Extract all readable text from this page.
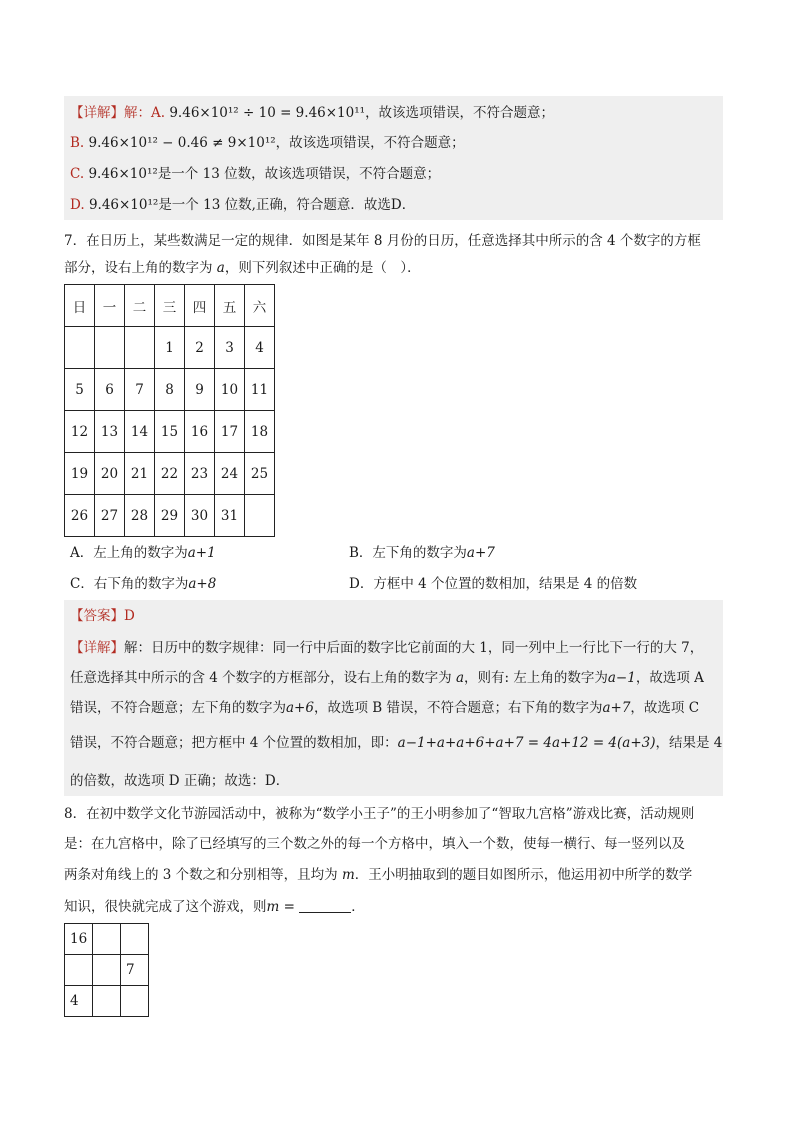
【详解】解：A. 9.46×10¹² ÷ 10 = 9.46×10¹¹，故该选项错误，不符合题意；
B. 9.46×10¹² − 0.46 ≠ 9×10¹²，故该选项错误，不符合题意；
C. 9.46×10¹²是一个 13 位数，故该选项错误，不符合题意；
D. 9.46×10¹²是一个 13 位数,正确，符合题意．故选D．
7．在日历上，某些数满足一定的规律．如图是某年 8 月份的日历，任意选择其中所示的含 4 个数字的方框
部分，设右上角的数字为 a，则下列叙述中正确的是（　）．
日	一	二	三	四	五	六
			1	2	3	4
5	6	7	8	9	10	11
12	13	14	15	16	17	18
19	20	21	22	23	24	25
26	27	28	29	30	31	
A．左上角的数字为a+1	B．左下角的数字为a+7
C．右下角的数字为a+8	D．方框中 4 个位置的数相加，结果是 4 的倍数
【答案】D
【详解】解：日历中的数字规律：同一行中后面的数字比它前面的大 1，同一列中上一行比下一行的大 7，
任意选择其中所示的含 4 个数字的方框部分，设右上角的数字为 a，则有: 左上角的数字为a−1，故选项 A
错误，不符合题意；左下角的数字为a+6，故选项 B 错误，不符合题意；右下角的数字为a+7，故选项 C
错误，不符合题意；把方框中 4 个位置的数相加，即：a−1+a+a+6+a+7 = 4a+12 = 4(a+3)，结果是 4
的倍数，故选项 D 正确；故选：D．
8．在初中数学文化节游园活动中，被称为“数学小王子”的王小明参加了“智取九宫格”游戏比赛，活动规则
是：在九宫格中，除了已经填写的三个数之外的每一个方格中，填入一个数，使每一横行、每一竖列以及
两条对角线上的 3 个数之和分别相等，且均为 m．王小明抽取到的题目如图所示，他运用初中所学的数学
知识，很快就完成了这个游戏，则m =	．
16		
		7
4		
